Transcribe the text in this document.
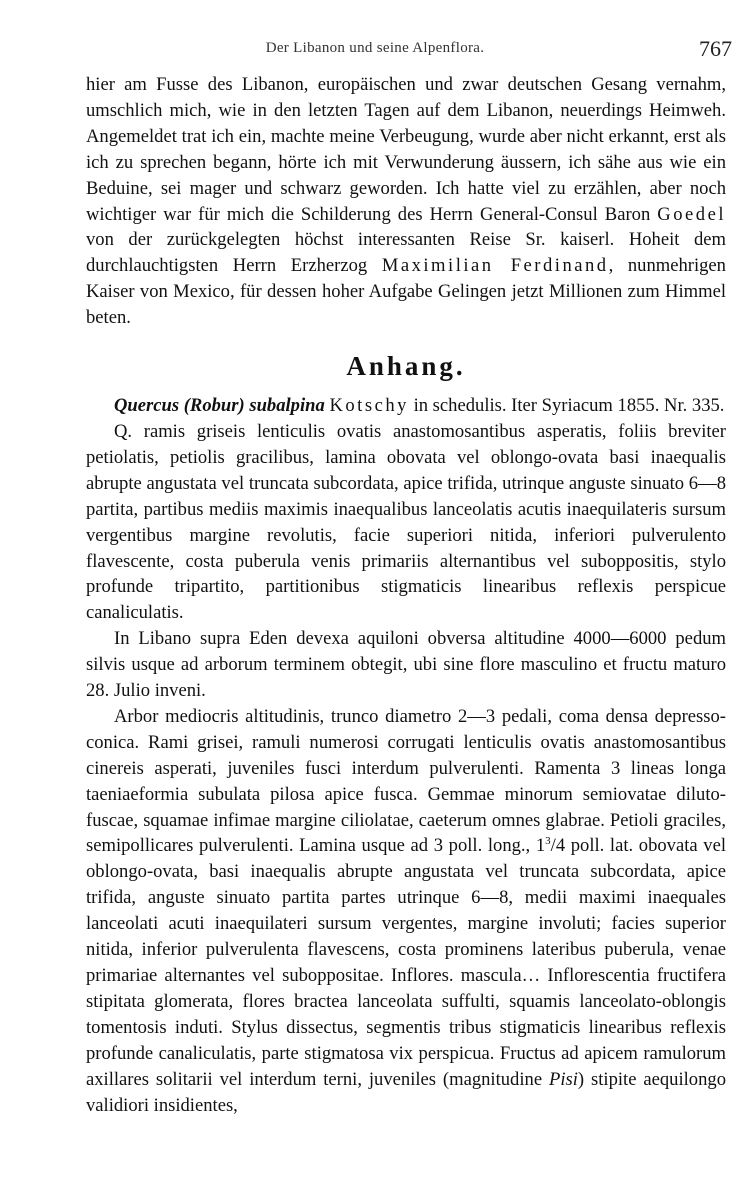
Der Libanon und seine Alpenflora.	767

hier am Fusse des Libanon, europäischen und zwar deutschen Gesang vernahm, umschlich mich, wie in den letzten Tagen auf dem Libanon, neuerdings Heimweh. Angemeldet trat ich ein, machte meine Verbeugung, wurde aber nicht erkannt, erst als ich zu sprechen begann, hörte ich mit Verwunderung äussern, ich sähe aus wie ein Beduine, sei mager und schwarz geworden. Ich hatte viel zu erzählen, aber noch wichtiger war für mich die Schilderung des Herrn General-Consul Baron Goedel von der zurückgelegten höchst interessanten Reise Sr. kaiserl. Hoheit dem durchlauchtigsten Herrn Erzherzog Maximilian Ferdinand, nunmehrigen Kaiser von Mexico, für dessen hoher Aufgabe Gelingen jetzt Millionen zum Himmel beten.

Anhang.

Quercus (Robur) subalpina Kotschy in schedulis. Iter Syriacum 1855. Nr. 335.

Q. ramis griseis lenticulis ovatis anastomosantibus asperatis, foliis breviter petiolatis, petiolis gracilibus, lamina obovata vel oblongo-ovata basi inaequalis abrupte angustata vel truncata subcordata, apice trifida, utrinque anguste sinuato 6—8 partita, partibus mediis maximis inaequalibus lanceolatis acutis inaequilateris sursum vergentibus margine revolutis, facie superiori nitida, inferiori pulverulento flavescente, costa puberula venis primariis alternantibus vel suboppositis, stylo profunde tripartito, partitionibus stigmaticis linearibus reflexis perspicue canaliculatis.

In Libano supra Eden devexa aquiloni obversa altitudine 4000—6000 pedum silvis usque ad arborum terminem obtegit, ubi sine flore masculino et fructu maturo 28. Julio inveni.

Arbor mediocris altitudinis, trunco diametro 2—3 pedali, coma densa depresso-conica. Rami grisei, ramuli numerosi corrugati lenticulis ovatis anastomosantibus cinereis asperati, juveniles fusci interdum pulverulenti. Ramenta 3 lineas longa taeniaeformia subulata pilosa apice fusca. Gemmae minorum semiovatae diluto-fuscae, squamae infimae margine ciliolatae, caeterum omnes glabrae. Petioli graciles, semipollicares pulverulenti. Lamina usque ad 3 poll. long., $1^3/4$ poll. lat. obovata vel oblongo-ovata, basi inaequalis abrupte angustata vel truncata subcordata, apice trifida, anguste sinuato partita partes utrinque 6—8, medii maximi inaequales lanceolati acuti inaequilateri sursum vergentes, margine involuti; facies superior nitida, inferior pulverulenta flavescens, costa prominens lateribus puberula, venae primariae alternantes vel suboppositae. Inflores. mascula… Inflorescentia fructifera stipitata glomerata, flores bractea lanceolata suffulti, squamis lanceolato-oblongis tomentosis induti. Stylus dissectus, segmentis tribus stigmaticis linearibus reflexis profunde canaliculatis, parte stigmatosa vix perspicua. Fructus ad apicem ramulorum axillares solitarii vel interdum terni, juveniles (magnitudine Pisi) stipite aequilongo validiori insidientes,
